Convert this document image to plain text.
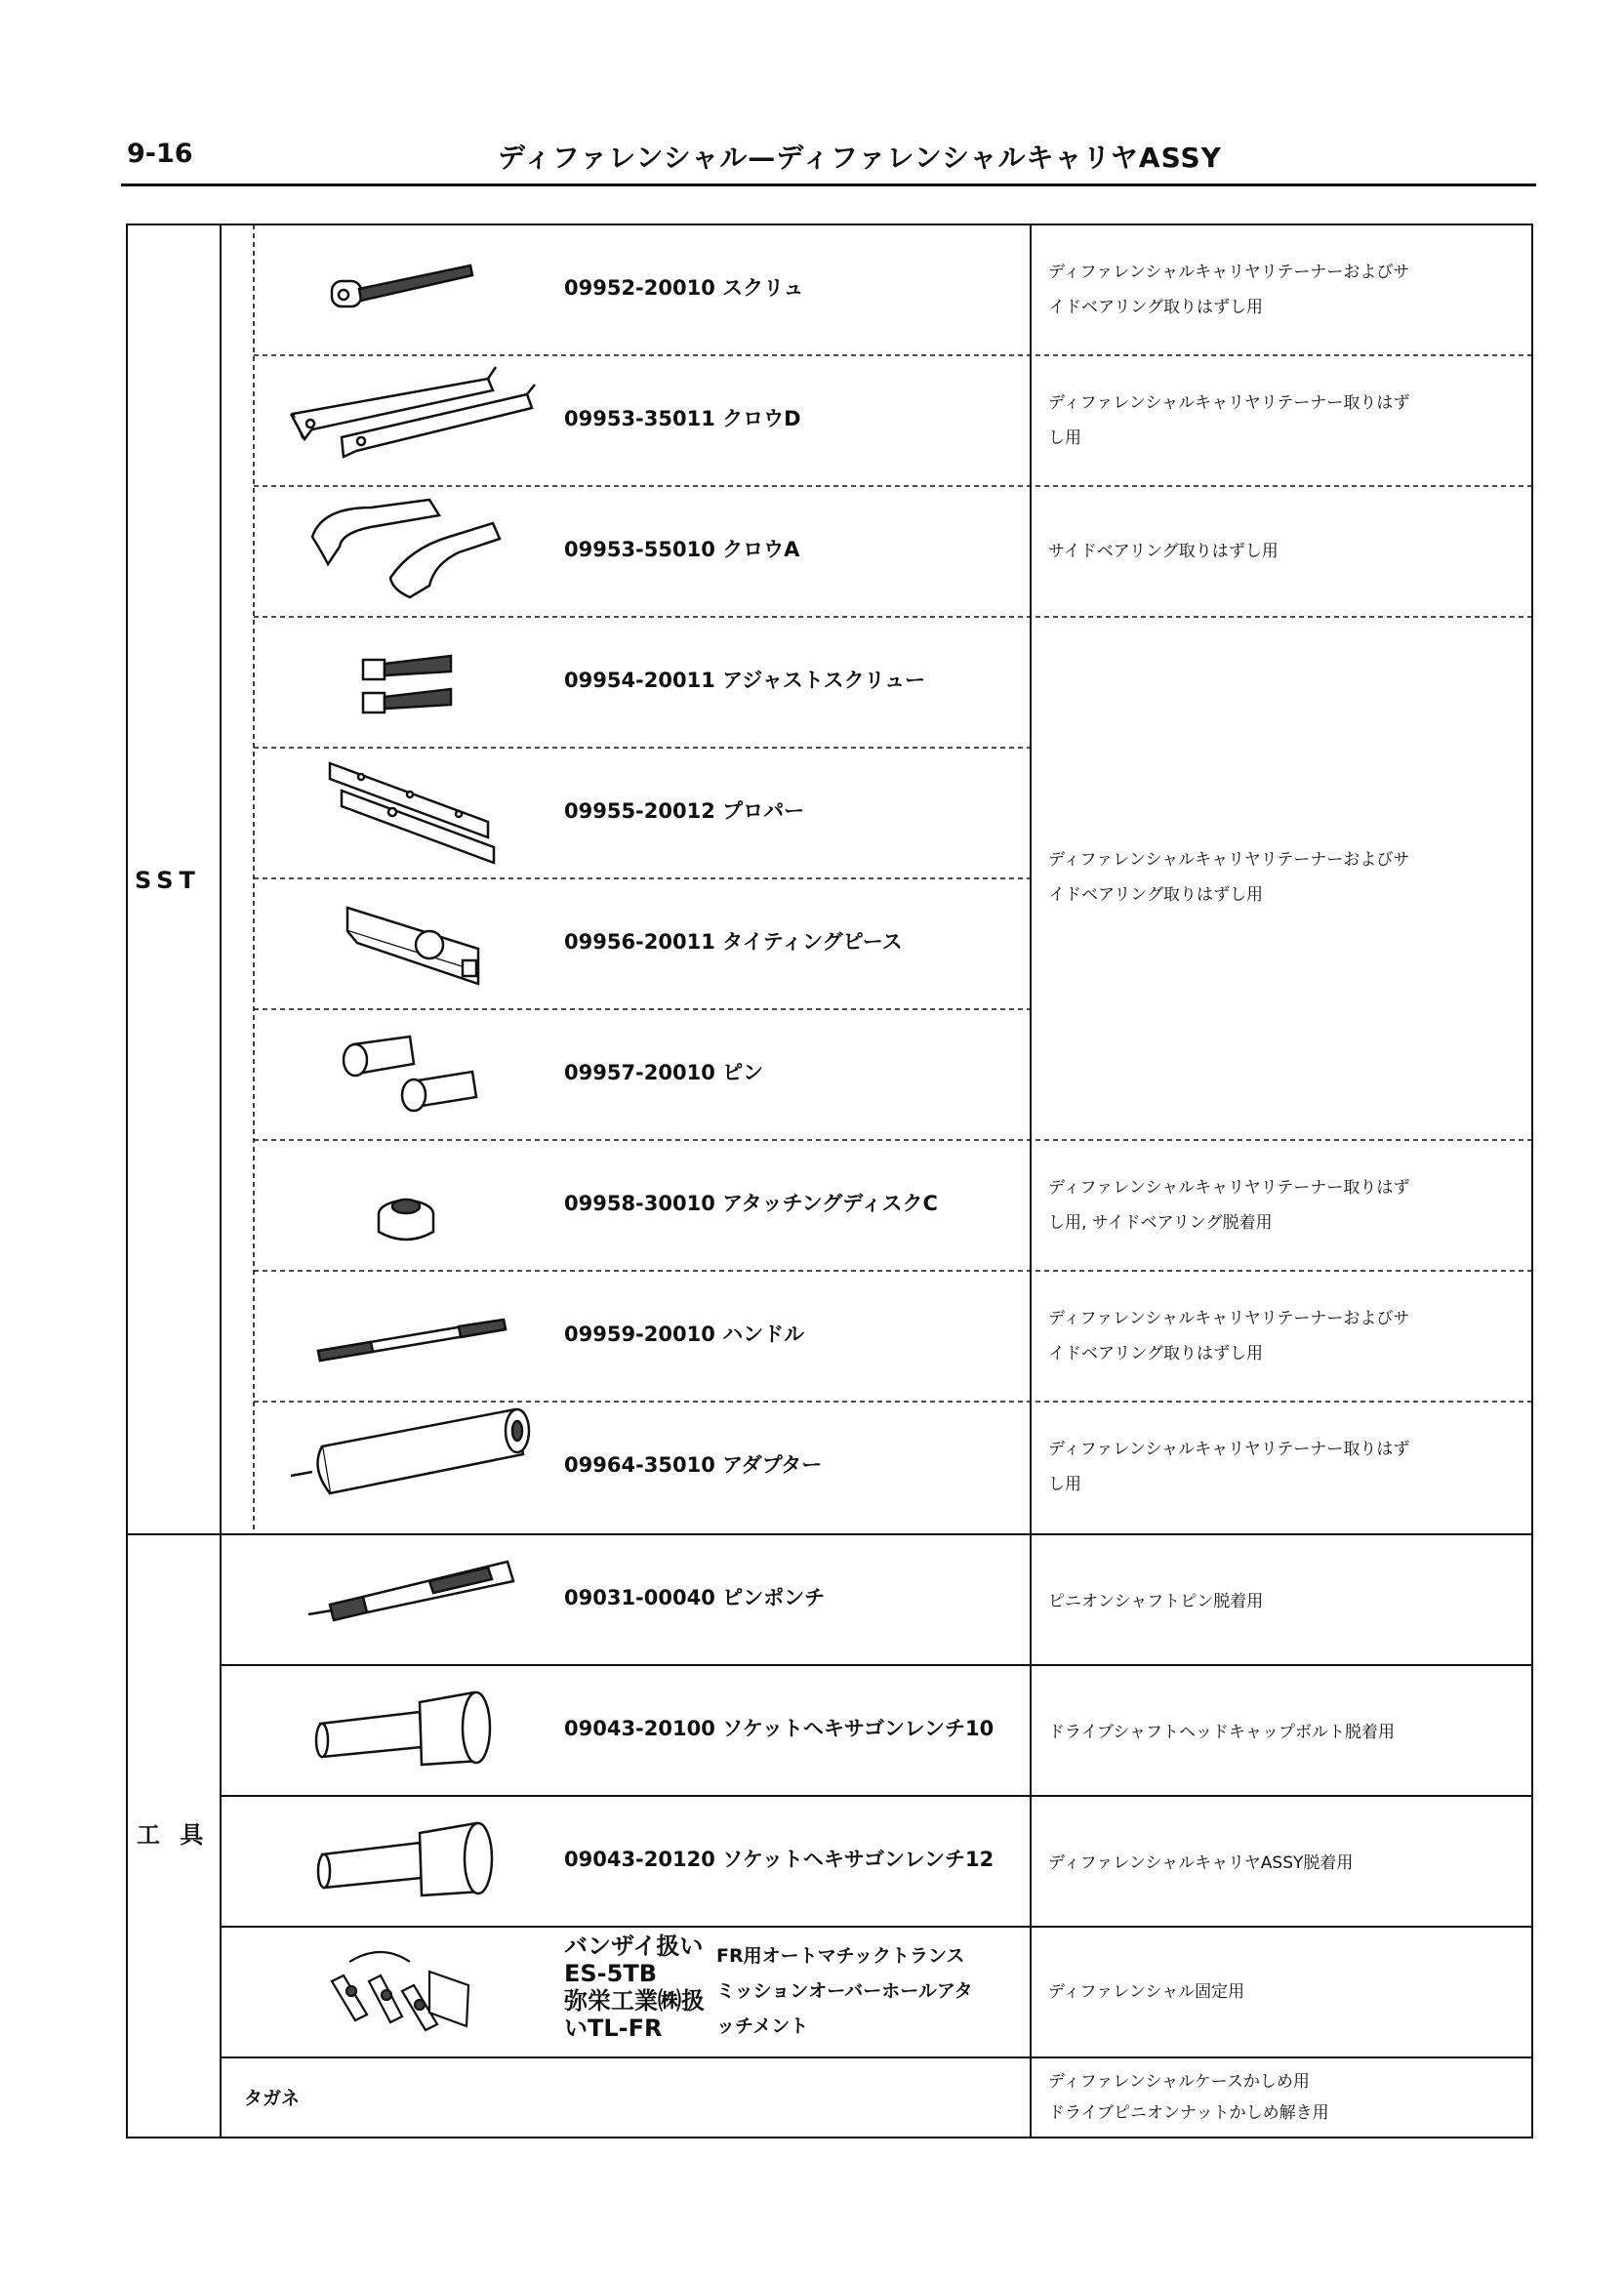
9-16	ディファレンシャル—ディファレンシャルキャリヤASSY
SST
工 具
09952-20010 スクリュ
09953-35011 クロウD
09953-55010 クロウA
09954-20011 アジャストスクリュー
09955-20012 プロパー
09956-20011 タイティングピース
09957-20010 ピン
09958-30010 アタッチングディスクC
09959-20010 ハンドル
09964-35010 アダプター
ディファレンシャルキャリヤリテーナーおよびサ
イドベアリング取りはずし用
ディファレンシャルキャリヤリテーナー取りはず
し用
サイドベアリング取りはずし用
ディファレンシャルキャリヤリテーナーおよびサ
イドベアリング取りはずし用
ディファレンシャルキャリヤリテーナー取りはず
し用, サイドベアリング脱着用
ディファレンシャルキャリヤリテーナーおよびサ
イドベアリング取りはずし用
ディファレンシャルキャリヤリテーナー取りはず
し用
09031-00040 ピンポンチ
09043-20100 ソケットヘキサゴンレンチ10
09043-20120 ソケットヘキサゴンレンチ12
ピニオンシャフトピン脱着用
ドライブシャフトヘッドキャップボルト脱着用
ディファレンシャルキャリヤASSY脱着用
バンザイ扱い
ES-5TB
弥栄工業㈱扱
いTL-FR
FR用オートマチックトランス
ミッションオーバーホールアタ
ッチメント
ディファレンシャル固定用
タガネ
ディファレンシャルケースかしめ用
ドライブピニオンナットかしめ解き用
